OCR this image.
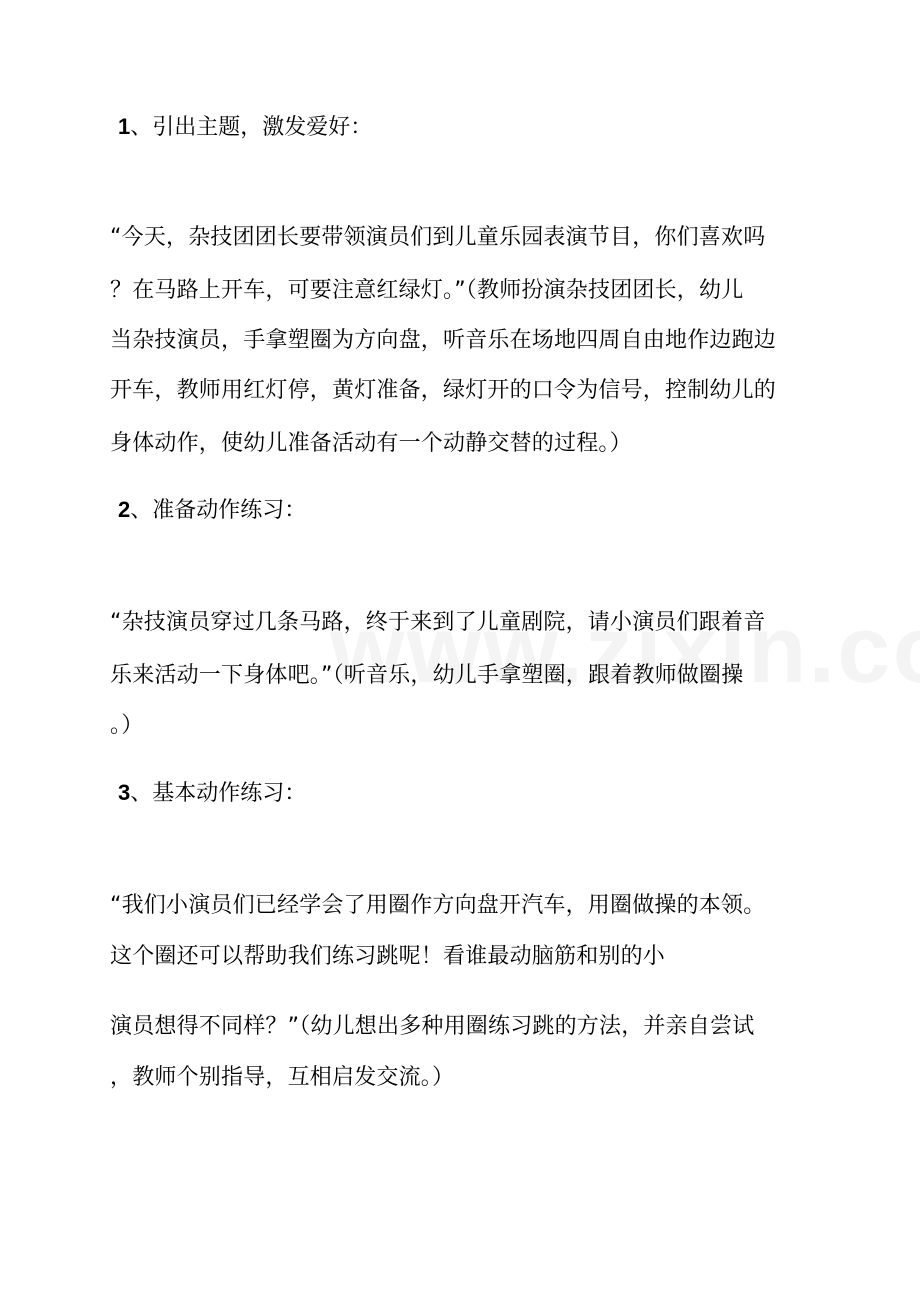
1、引出主题，激发爱好：
“今天，杂技团团长要带领演员们到儿童乐园表演节目，你们喜欢吗
？在马路上开车，可要注意红绿灯。”（教师扮演杂技团团长，幼儿
当杂技演员，手拿塑圈为方向盘，听音乐在场地四周自由地作边跑边
开车，教师用红灯停，黄灯准备，绿灯开的口令为信号，控制幼儿的
身体动作，使幼儿准备活动有一个动静交替的过程。）
2、准备动作练习：
“杂技演员穿过几条马路，终于来到了儿童剧院，请小演员们跟着音
乐来活动一下身体吧。”（听音乐，幼儿手拿塑圈，跟着教师做圈操
。）
3、基本动作练习：
“我们小演员们已经学会了用圈作方向盘开汽车，用圈做操的本领。
这个圈还可以帮助我们练习跳呢！看谁最动脑筋和别的小
演员想得不同样？”（幼儿想出多种用圈练习跳的方法，并亲自尝试
，教师个别指导，互相启发交流。）
